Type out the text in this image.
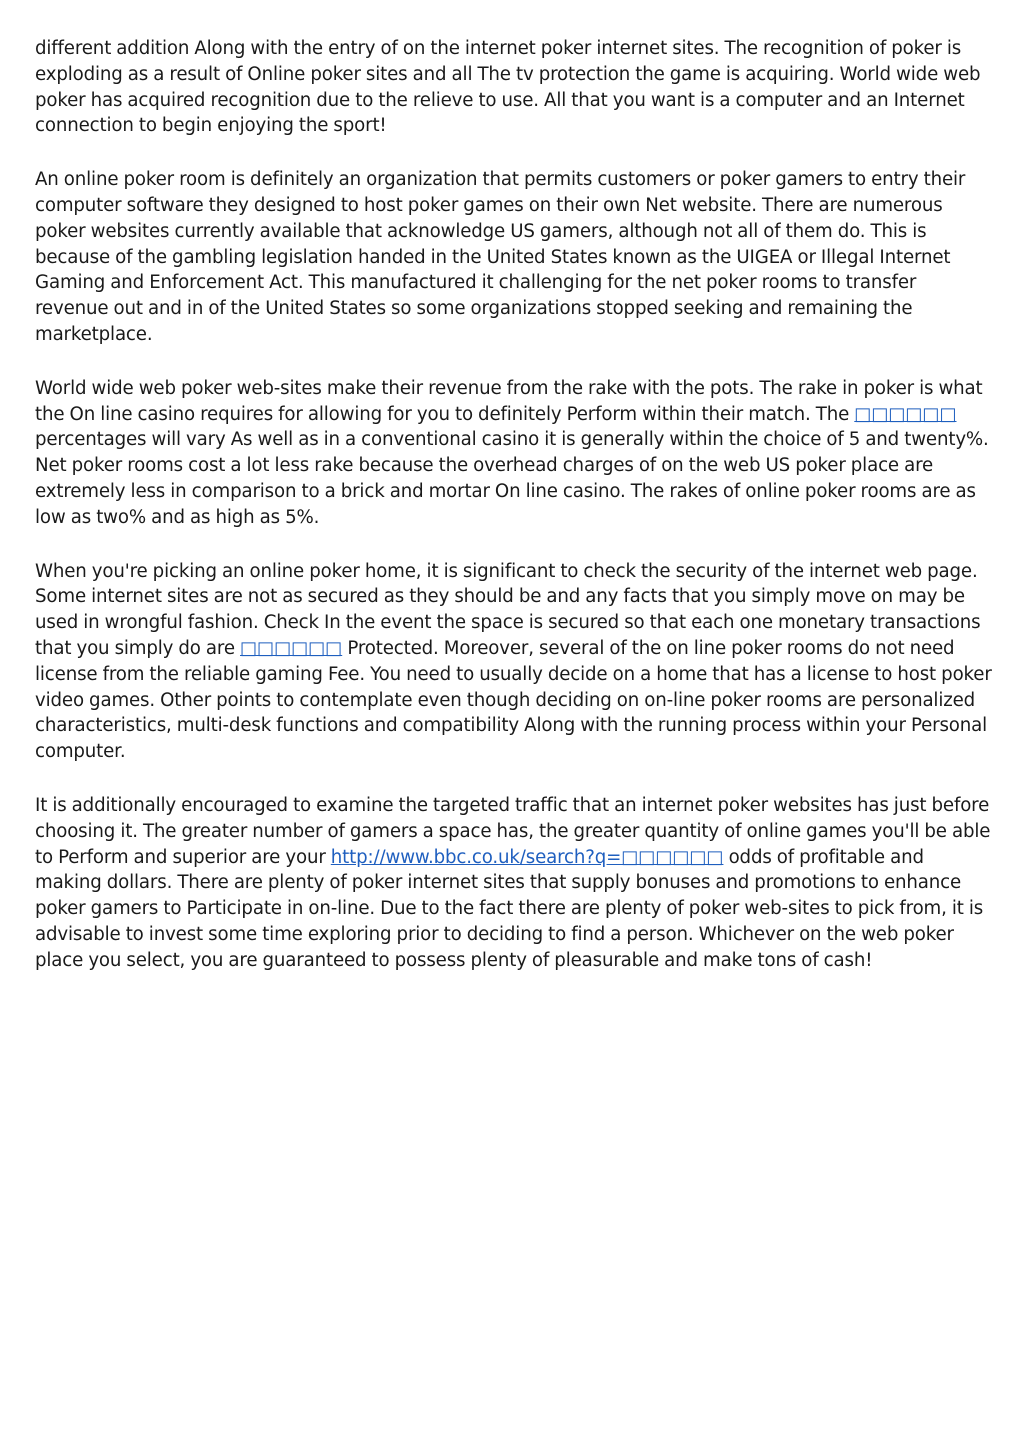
different addition Along with the entry of on the internet poker internet sites. The recognition of poker is exploding as a result of Online poker sites and all The tv protection the game is acquiring. World wide web poker has acquired recognition due to the relieve to use. All that you want is a computer and an Internet connection to begin enjoying the sport!

An online poker room is definitely an organization that permits customers or poker gamers to entry their computer software they designed to host poker games on their own Net website. There are numerous poker websites currently available that acknowledge US gamers, although not all of them do. This is because of the gambling legislation handed in the United States known as the UIGEA or Illegal Internet Gaming and Enforcement Act. This manufactured it challenging for the net poker rooms to transfer revenue out and in of the United States so some organizations stopped seeking and remaining the marketplace.

World wide web poker web-sites make their revenue from the rake with the pots. The rake in poker is what the On line casino requires for allowing for you to definitely Perform within their match. The □□□□□□ percentages will vary As well as in a conventional casino it is generally within the choice of 5 and twenty%. Net poker rooms cost a lot less rake because the overhead charges of on the web US poker place are extremely less in comparison to a brick and mortar On line casino. The rakes of online poker rooms are as low as two% and as high as 5%.

When you're picking an online poker home, it is significant to check the security of the internet web page. Some internet sites are not as secured as they should be and any facts that you simply move on may be used in wrongful fashion. Check In the event the space is secured so that each one monetary transactions that you simply do are □□□□□□ Protected. Moreover, several of the on line poker rooms do not need license from the reliable gaming Fee. You need to usually decide on a home that has a license to host poker video games. Other points to contemplate even though deciding on on-line poker rooms are personalized characteristics, multi-desk functions and compatibility Along with the running process within your Personal computer.

It is additionally encouraged to examine the targeted traffic that an internet poker websites has just before choosing it. The greater number of gamers a space has, the greater quantity of online games you'll be able to Perform and superior are your http://www.bbc.co.uk/search?q=□□□□□□ odds of profitable and making dollars. There are plenty of poker internet sites that supply bonuses and promotions to enhance poker gamers to Participate in on-line. Due to the fact there are plenty of poker web-sites to pick from, it is advisable to invest some time exploring prior to deciding to find a person. Whichever on the web poker place you select, you are guaranteed to possess plenty of pleasurable and make tons of cash!
